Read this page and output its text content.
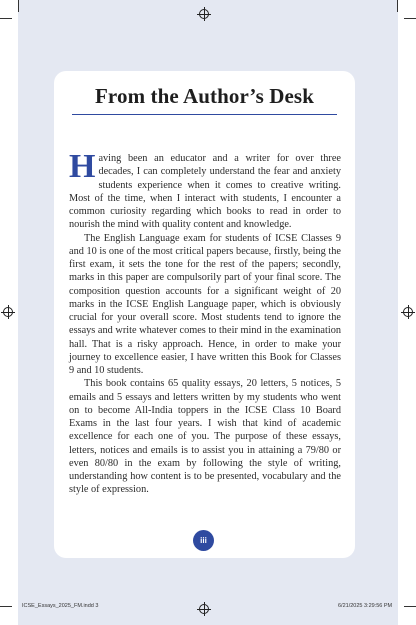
From the Author’s Desk

Having been an educator and a writer for over three decades, I can completely understand the fear and anxiety students experience when it comes to creative writing. Most of the time, when I interact with students, I encounter a common curiosity regarding which books to read in order to nourish the mind with quality content and knowledge.

The English Language exam for students of ICSE Classes 9 and 10 is one of the most critical papers because, firstly, being the first exam, it sets the tone for the rest of the papers; secondly, marks in this paper are compulsorily part of your final score. The composition question accounts for a significant weight of 20 marks in the ICSE English Language paper, which is obviously crucial for your overall score. Most students tend to ignore the essays and write whatever comes to their mind in the examination hall. That is a risky approach. Hence, in order to make your journey to excellence easier, I have written this Book for Classes 9 and 10 students.

This book contains 65 quality essays, 20 letters, 5 notices, 5 emails and 5 essays and letters written by my students who went on to become All-India toppers in the ICSE Class 10 Board Exams in the last four years. I wish that kind of academic excellence for each one of you. The purpose of these essays, letters, notices and emails is to assist you in attaining a 79/80 or even 80/80 in the exam by following the style of writing, understanding how content is to be presented, vocabulary and the style of expression.

iii
ICSE_Essays_2025_FM.indd 3	6/21/2025 3:29:56 PM
